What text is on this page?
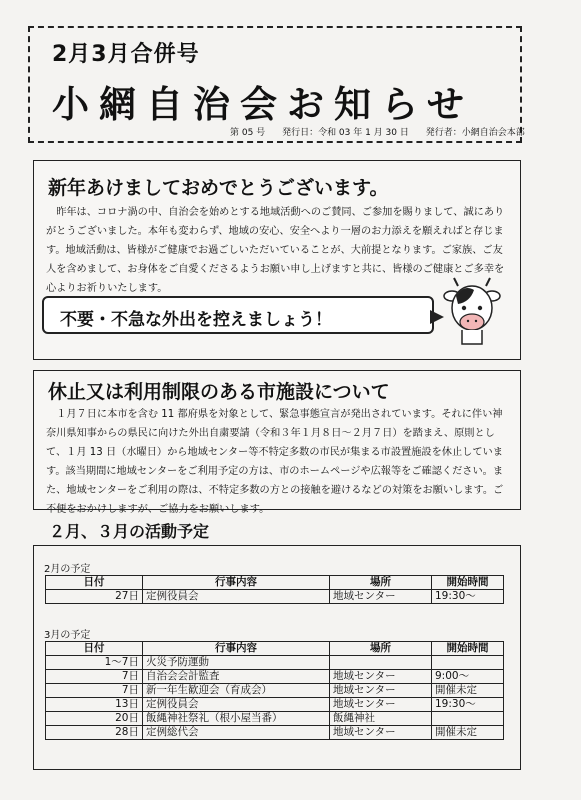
2月3月合併号
小網自治会お知らせ
第 05 号 発行日：令和 03 年 1 月 30 日 発行者：小網自治会本部
新年あけましておめでとうございます。

昨年は、コロナ渦の中、自治会を始めとする地域活動へのご賛同、ご参加を賜りまして、誠にありがとうございました。本年も変わらず、地域の安心、安全へより一層のお力添えを願えればと存じます。地域活動は、皆様がご健康でお過ごしいただいていることが、大前提となります。ご家族、ご友人を含めまして、お身体をご自愛くださるようお願い申し上げますと共に、皆様のご健康とご多幸を心よりお祈りいたします。

不要・不急な外出を控えましょう！
休止又は利用制限のある市施設について

１月７日に本市を含む 11 都府県を対象として、緊急事態宣言が発出されています。それに伴い神奈川県知事からの県民に向けた外出自粛要請（令和３年１月８日～２月７日）を踏まえ、原則として、１月 13 日（水曜日）から地域センター等不特定多数の市民が集まる市設置施設を休止しています。該当期間に地域センターをご利用予定の方は、市のホームページや広報等をご確認ください。また、地域センターをご利用の際は、不特定多数の方との接触を避けるなどの対策をお願いします。ご不便をおかけしますが、ご協力をお願いします。

２月、３月の活動予定
2月の予定
日付	行事内容	場所	開始時間
27日	定例役員会	地域センター	19:30～
3月の予定
日付	行事内容	場所	開始時間
1～7日	火災予防運動		
7日	自治会会計監査	地域センター	9:00～
7日	新一年生歓迎会（育成会）	地域センター	開催未定
13日	定例役員会	地域センター	19:30～
20日	飯縄神社祭礼（根小屋当番）	飯縄神社	
28日	定例総代会	地域センター	開催未定
